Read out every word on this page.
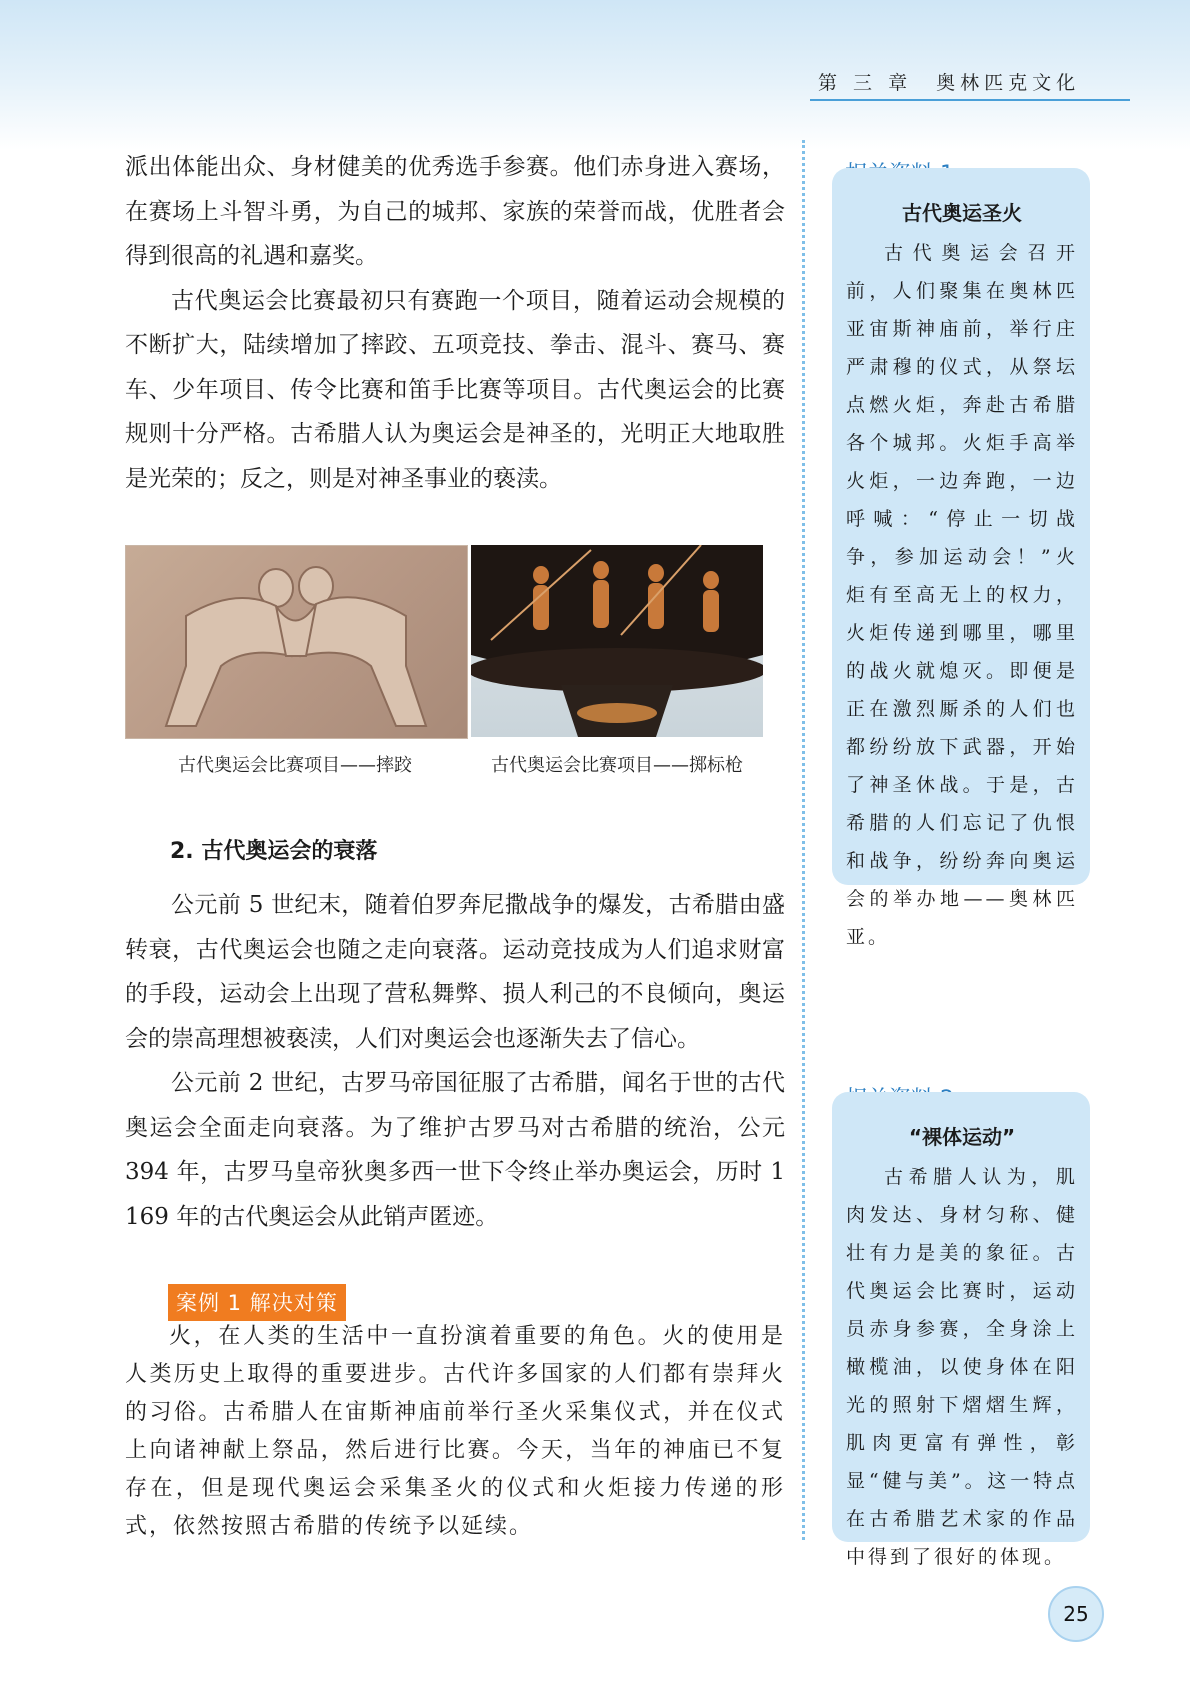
第 三 章　奥林匹克文化

派出体能出众、身材健美的优秀选手参赛。他们赤身进入赛场，在赛场上斗智斗勇，为自己的城邦、家族的荣誉而战，优胜者会得到很高的礼遇和嘉奖。

古代奥运会比赛最初只有赛跑一个项目，随着运动会规模的不断扩大，陆续增加了摔跤、五项竞技、拳击、混斗、赛马、赛车、少年项目、传令比赛和笛手比赛等项目。古代奥运会的比赛规则十分严格。古希腊人认为奥运会是神圣的，光明正大地取胜是光荣的；反之，则是对神圣事业的亵渎。

古代奥运会比赛项目——摔跤	古代奥运会比赛项目——掷标枪
2. 古代奥运会的衰落

公元前 5 世纪末，随着伯罗奔尼撒战争的爆发，古希腊由盛转衰，古代奥运会也随之走向衰落。运动竞技成为人们追求财富的手段，运动会上出现了营私舞弊、损人利己的不良倾向，奥运会的崇高理想被亵渎，人们对奥运会也逐渐失去了信心。

公元前 2 世纪，古罗马帝国征服了古希腊，闻名于世的古代奥运会全面走向衰落。为了维护古罗马对古希腊的统治，公元 394 年，古罗马皇帝狄奥多西一世下令终止举办奥运会，历时 1 169 年的古代奥运会从此销声匿迹。

案例 1 解决对策

火，在人类的生活中一直扮演着重要的角色。火的使用是人类历史上取得的重要进步。古代许多国家的人们都有崇拜火的习俗。古希腊人在宙斯神庙前举行圣火采集仪式，并在仪式上向诸神献上祭品，然后进行比赛。今天，当年的神庙已不复存在，但是现代奥运会采集圣火的仪式和火炬接力传递的形式，依然按照古希腊的传统予以延续。

古代奥运圣火

古代奥运会召开前，人们聚集在奥林匹亚宙斯神庙前，举行庄严肃穆的仪式，从祭坛点燃火炬，奔赴古希腊各个城邦。火炬手高举火炬，一边奔跑，一边呼喊：“停止一切战争，参加运动会！”火炬有至高无上的权力，火炬传递到哪里，哪里的战火就熄灭。即便是正在激烈厮杀的人们也都纷纷放下武器，开始了神圣休战。于是，古希腊的人们忘记了仇恨和战争，纷纷奔向奥运会的举办地——奥林匹亚。

“裸体运动”

古希腊人认为，肌肉发达、身材匀称、健壮有力是美的象征。古代奥运会比赛时，运动员赤身参赛，全身涂上橄榄油，以使身体在阳光的照射下熠熠生辉，肌肉更富有弹性，彰显“健与美”。这一特点在古希腊艺术家的作品中得到了很好的体现。

25
